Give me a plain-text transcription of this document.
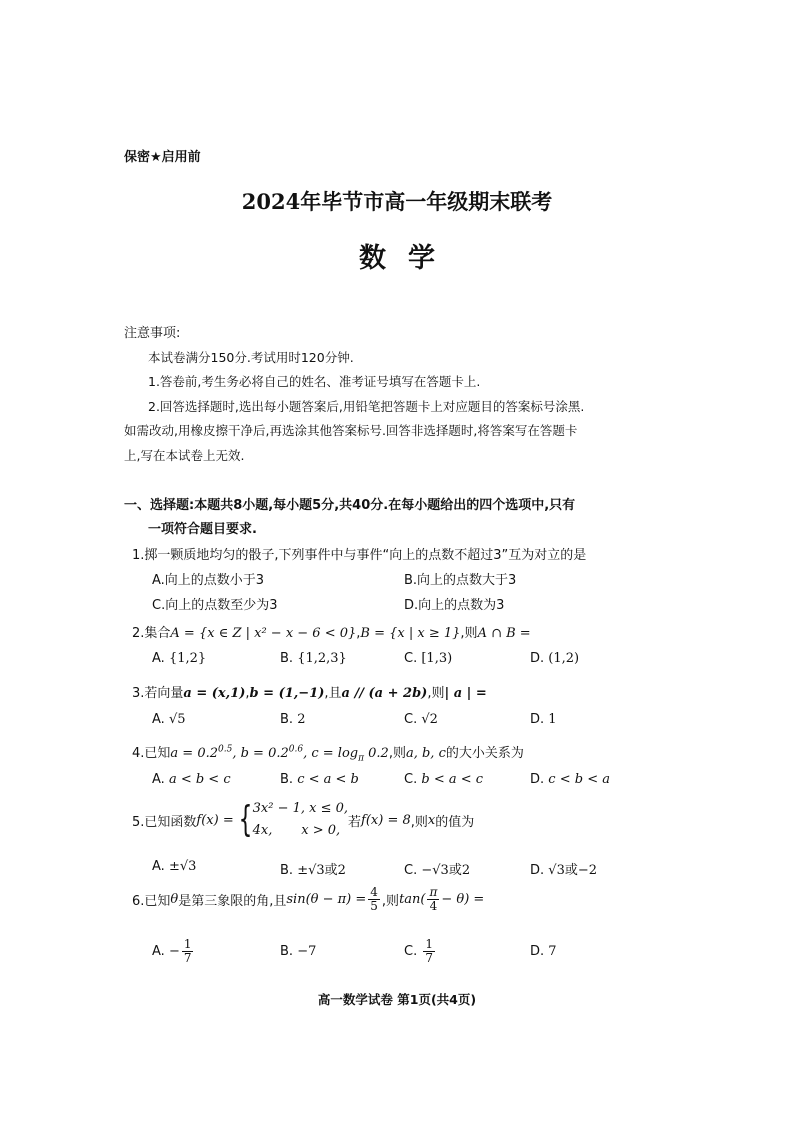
保密★启用前
2024年毕节市高一年级期末联考
数学
注意事项:
本试卷满分150分.考试用时120分钟.
1.答卷前,考生务必将自己的姓名、准考证号填写在答题卡上.
2.回答选择题时,选出每小题答案后,用铅笔把答题卡上对应题目的答案标号涂黑.
如需改动,用橡皮擦干净后,再选涂其他答案标号.回答非选择题时,将答案写在答题卡
上,写在本试卷上无效.
一、选择题:本题共8小题,每小题5分,共40分.在每小题给出的四个选项中,只有
一项符合题目要求.
1.掷一颗质地均匀的骰子,下列事件中与事件“向上的点数不超过3”互为对立的是
A.向上的点数小于3	B.向上的点数大于3
C.向上的点数至少为3	D.向上的点数为3
2.集合A = {x ∈ Z | x² − x − 6 < 0},B = {x | x ≥ 1},则A ∩ B =
A. {1,2}	B. {1,2,3}	C. [1,3)	D. (1,2)
3.若向量a = (x,1),b = (1,−1),且a // (a + 2b),则| a | =
A. √5	B. 2	C. √2	D. 1
4.已知$a = 0.2^{0.5}$, $b = 0.2^{0.6}$, $c = \log_\pi 0.2$,则a, b, c的大小关系为
A. a < b < c	B. c < a < b	C. b < a < c	D. c < b < a
5.已知函数f(x) = { 3x² − 1, x ≤ 0,
4x,       x > 0,
若f(x) = 8,则x的值为
A. ±√3	B. ±√3或2	C. −√3或2	D. √3或−2
6.已知θ是第三象限的角,且$\sin(\theta - \pi) = \frac{4}{5}$ ,则$\tan( \frac{\pi}{4} - \theta)$ =
A. − $\frac{1}{7}$	B. −7	C. $\frac{1}{7}$	D. 7
高一数学试卷 第1页(共4页)
